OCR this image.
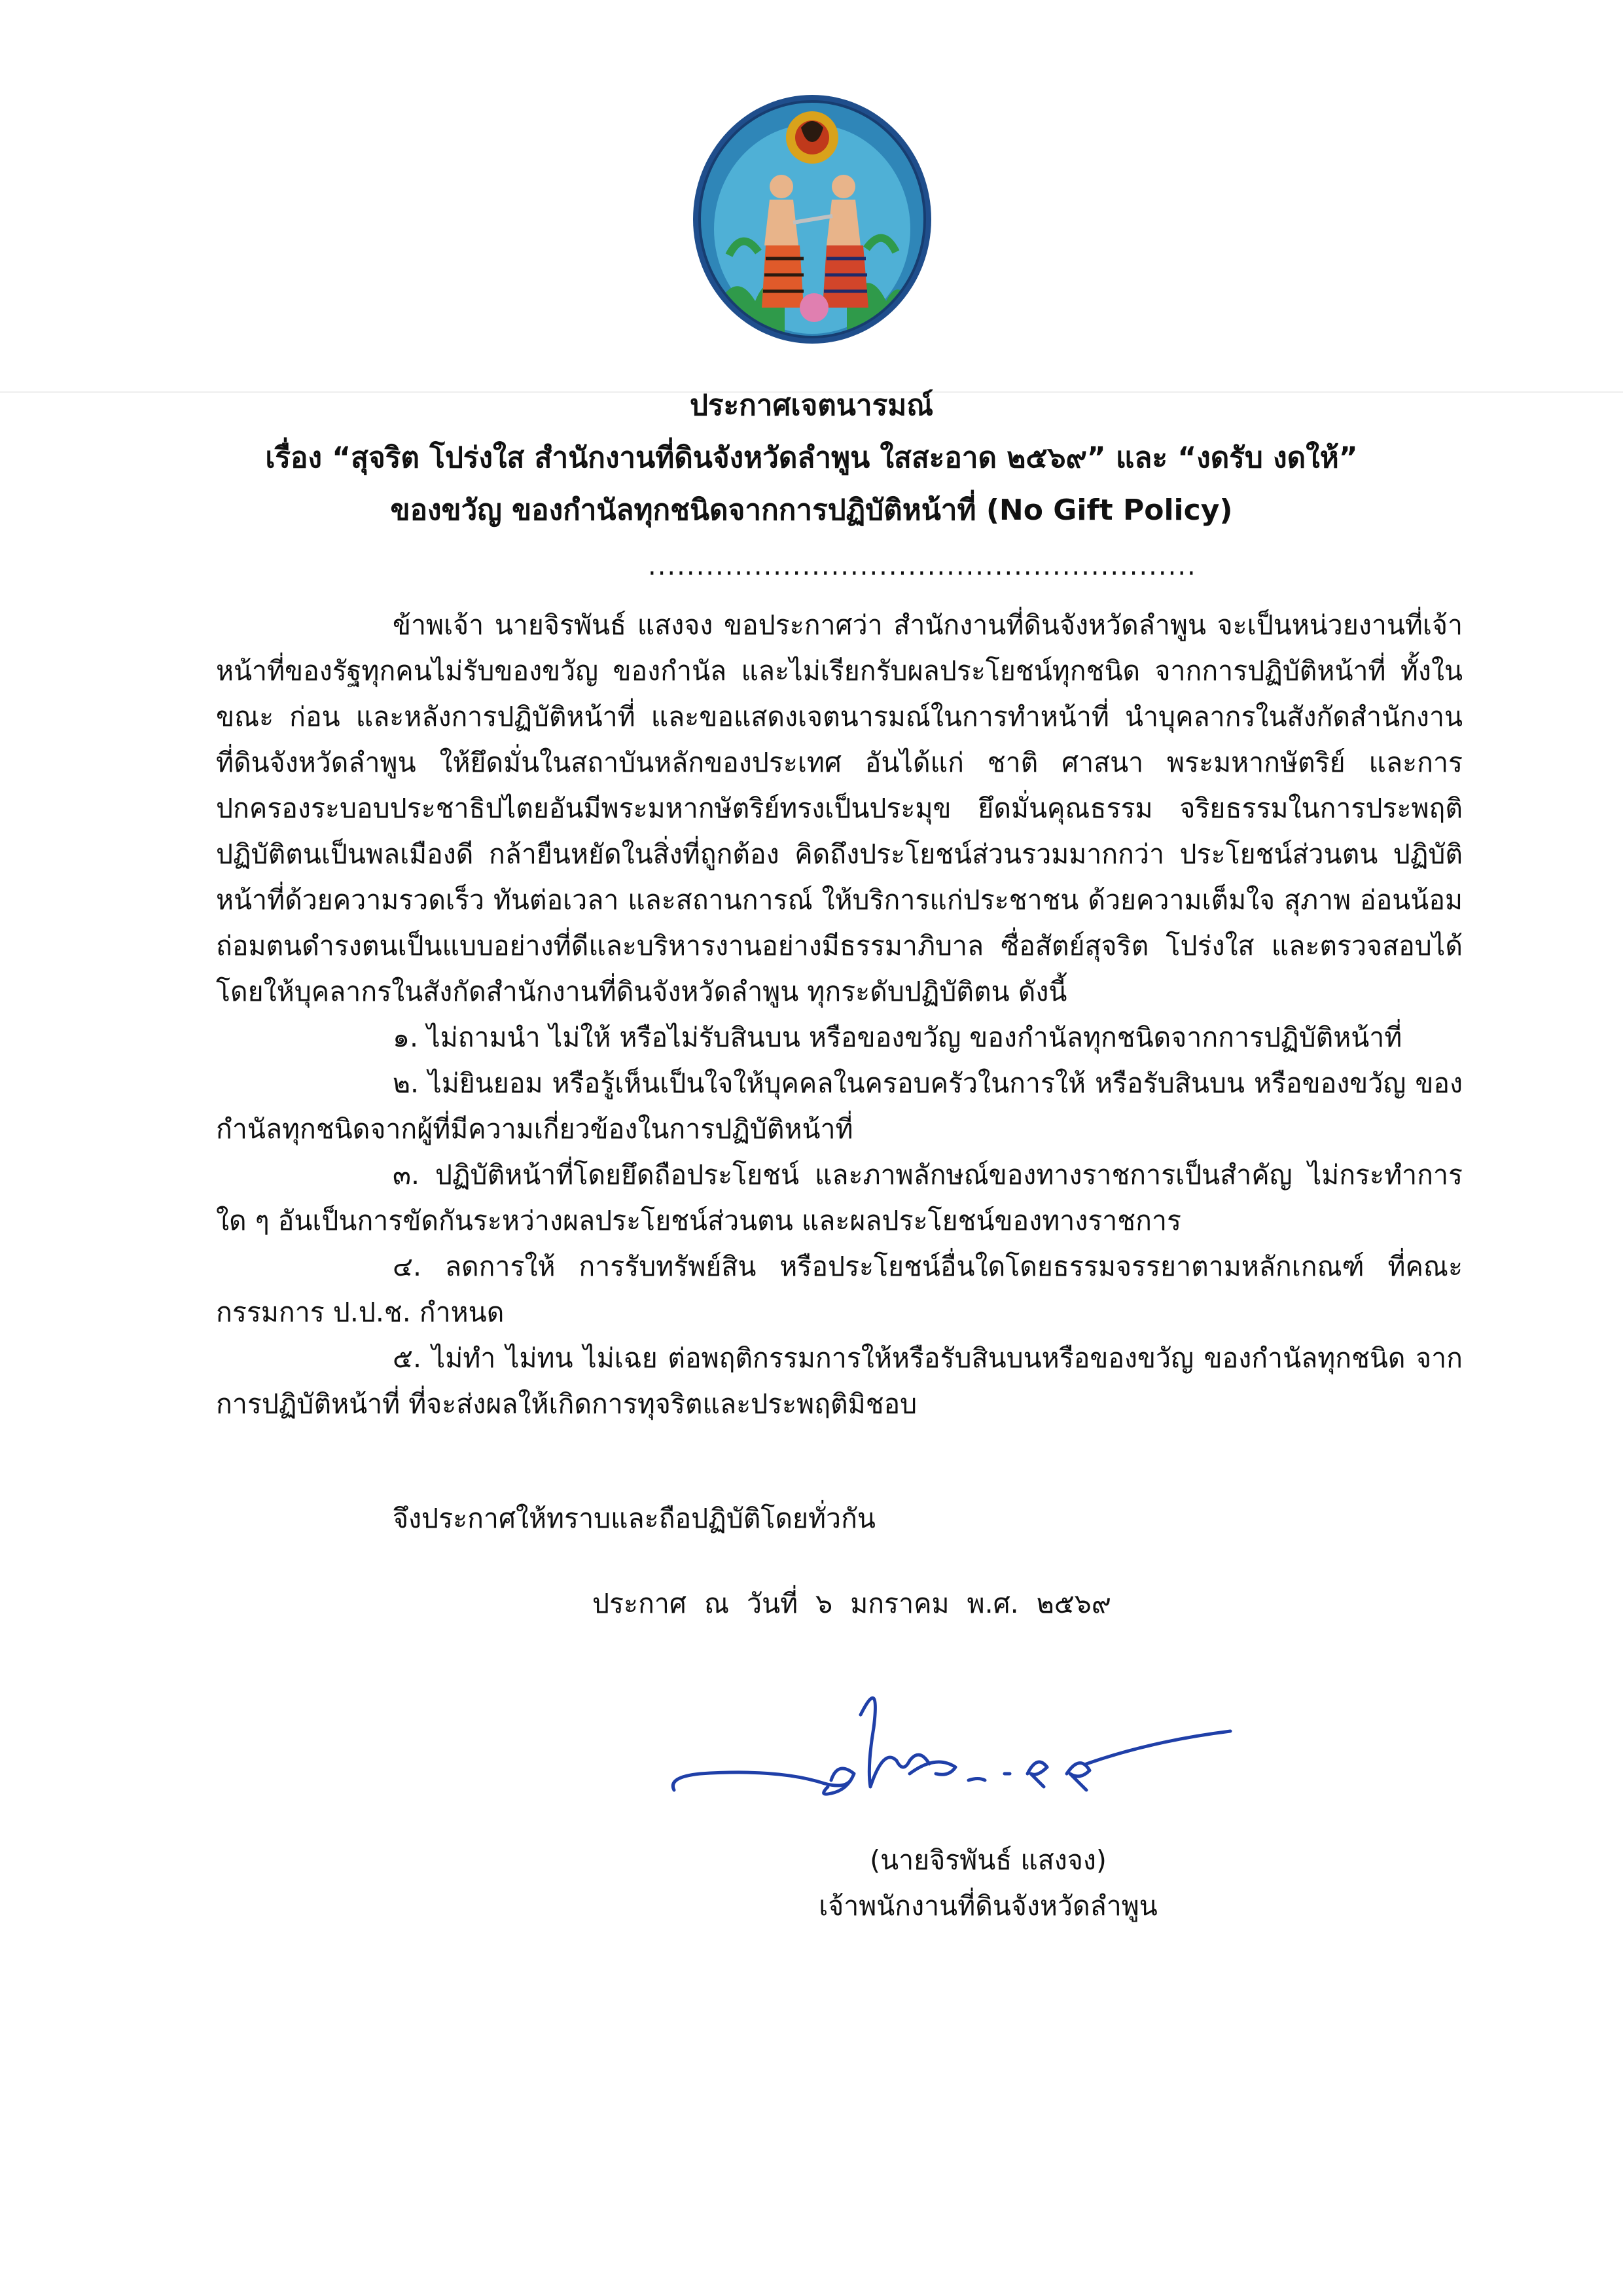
ประกาศเจตนารมณ์
เรื่อง “สุจริต โปร่งใส สำนักงานที่ดินจังหวัดลำพูน ใสสะอาด ๒๕๖๙” และ “งดรับ งดให้”
ของขวัญ ของกำนัลทุกชนิดจากการปฏิบัติหน้าที่ (No Gift Policy)
.........................................................

ข้าพเจ้า นายจิรพันธ์ แสงจง ขอประกาศว่า สำนักงานที่ดินจังหวัดลำพูน จะเป็นหน่วยงานที่เจ้าหน้าที่ของรัฐทุกคนไม่รับของขวัญ ของกำนัล และไม่เรียกรับผลประโยชน์ทุกชนิด จากการปฏิบัติหน้าที่ ทั้งในขณะ ก่อน และหลังการปฏิบัติหน้าที่ และขอแสดงเจตนารมณ์ในการทำหน้าที่ นำบุคลากรในสังกัดสำนักงานที่ดินจังหวัดลำพูน ให้ยึดมั่นในสถาบันหลักของประเทศ อันได้แก่ ชาติ ศาสนา พระมหากษัตริย์ และการปกครองระบอบประชาธิปไตยอันมีพระมหากษัตริย์ทรงเป็นประมุข ยึดมั่นคุณธรรม จริยธรรมในการประพฤติปฏิบัติตนเป็นพลเมืองดี กล้ายืนหยัดในสิ่งที่ถูกต้อง คิดถึงประโยชน์ส่วนรวมมากกว่า ประโยชน์ส่วนตน ปฏิบัติหน้าที่ด้วยความรวดเร็ว ทันต่อเวลา และสถานการณ์ ให้บริการแก่ประชาชน ด้วยความเต็มใจ สุภาพ อ่อนน้อมถ่อมตนดำรงตนเป็นแบบอย่างที่ดีและบริหารงานอย่างมีธรรมาภิบาล ซื่อสัตย์สุจริต โปร่งใส และตรวจสอบได้ โดยให้บุคลากรในสังกัดสำนักงานที่ดินจังหวัดลำพูน ทุกระดับปฏิบัติตน ดังนี้

๑. ไม่ถามนำ ไม่ให้ หรือไม่รับสินบน หรือของขวัญ ของกำนัลทุกชนิดจากการปฏิบัติหน้าที่

๒. ไม่ยินยอม หรือรู้เห็นเป็นใจให้บุคคลในครอบครัวในการให้ หรือรับสินบน หรือของขวัญ ของกำนัลทุกชนิดจากผู้ที่มีความเกี่ยวข้องในการปฏิบัติหน้าที่

๓. ปฏิบัติหน้าที่โดยยึดถือประโยชน์ และภาพลักษณ์ของทางราชการเป็นสำคัญ ไม่กระทำการใด ๆ อันเป็นการขัดกันระหว่างผลประโยชน์ส่วนตน และผลประโยชน์ของทางราชการ

๔. ลดการให้ การรับทรัพย์สิน หรือประโยชน์อื่นใดโดยธรรมจรรยาตามหลักเกณฑ์ ที่คณะกรรมการ ป.ป.ช. กำหนด

๕. ไม่ทำ ไม่ทน ไม่เฉย ต่อพฤติกรรมการให้หรือรับสินบนหรือของขวัญ ของกำนัลทุกชนิด จากการปฏิบัติหน้าที่ ที่จะส่งผลให้เกิดการทุจริตและประพฤติมิชอบ

จึงประกาศให้ทราบและถือปฏิบัติโดยทั่วกัน
ประกาศ ณ วันที่ ๖ มกราคม พ.ศ. ๒๕๖๙
(นายจิรพันธ์ แสงจง)
เจ้าพนักงานที่ดินจังหวัดลำพูน
